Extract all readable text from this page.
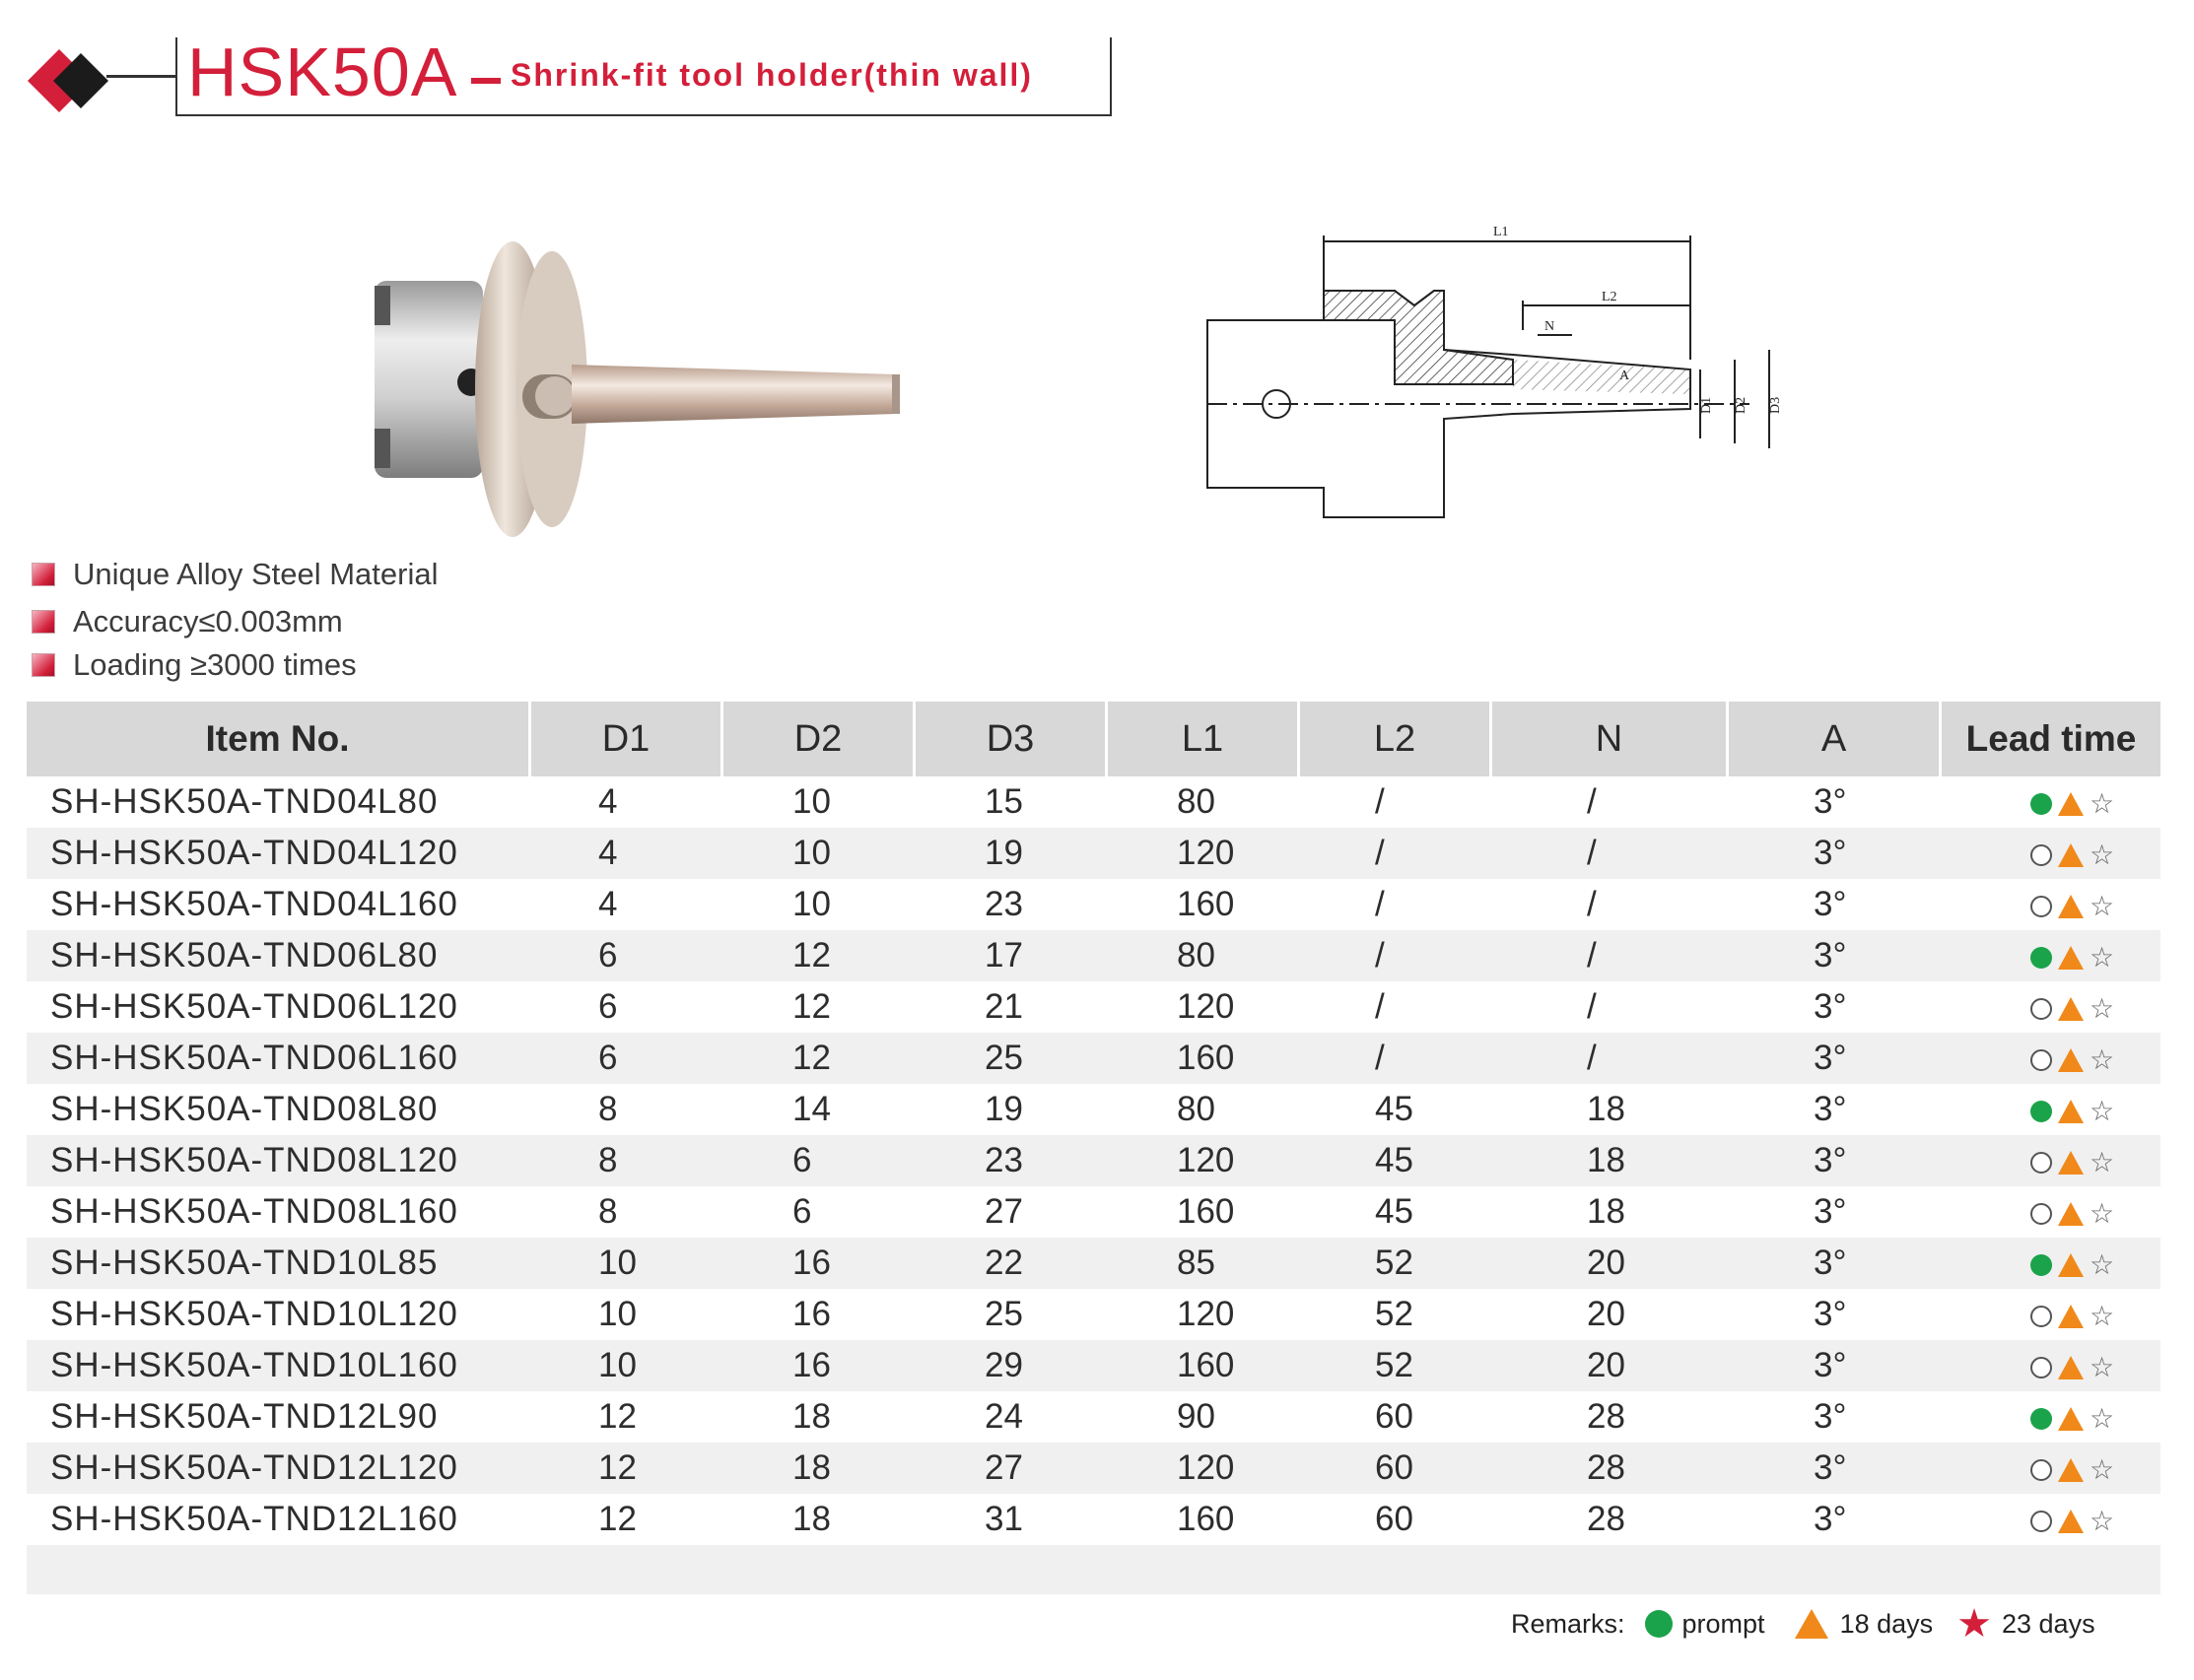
HSK50A Shrink-fit tool holder(thin wall)
L1
L2
N
A
D1 D2 D3
Unique Alloy Steel Material
Accuracy≤0.003mm
Loading ≥3000 times
Item No.	D1	D2	D3	L1	L2	N	A	Lead time
SH-HSK50A-TND04L80	4	10	15	80	/	/	3°	☆

SH-HSK50A-TND04L120	4	10	19	120	/	/	3°	☆

SH-HSK50A-TND04L160	4	10	23	160	/	/	3°	☆

SH-HSK50A-TND06L80	6	12	17	80	/	/	3°	☆

SH-HSK50A-TND06L120	6	12	21	120	/	/	3°	☆

SH-HSK50A-TND06L160	6	12	25	160	/	/	3°	☆

SH-HSK50A-TND08L80	8	14	19	80	45	18	3°	☆

SH-HSK50A-TND08L120	8	6	23	120	45	18	3°	☆

SH-HSK50A-TND08L160	8	6	27	160	45	18	3°	☆

SH-HSK50A-TND10L85	10	16	22	85	52	20	3°	☆

SH-HSK50A-TND10L120	10	16	25	120	52	20	3°	☆

SH-HSK50A-TND10L160	10	16	29	160	52	20	3°	☆

SH-HSK50A-TND12L90	12	18	24	90	60	28	3°	☆

SH-HSK50A-TND12L120	12	18	27	120	60	28	3°	☆

SH-HSK50A-TND12L160	12	18	31	160	60	28	3°	☆

Remarks: prompt	18 days ★ 23 days
